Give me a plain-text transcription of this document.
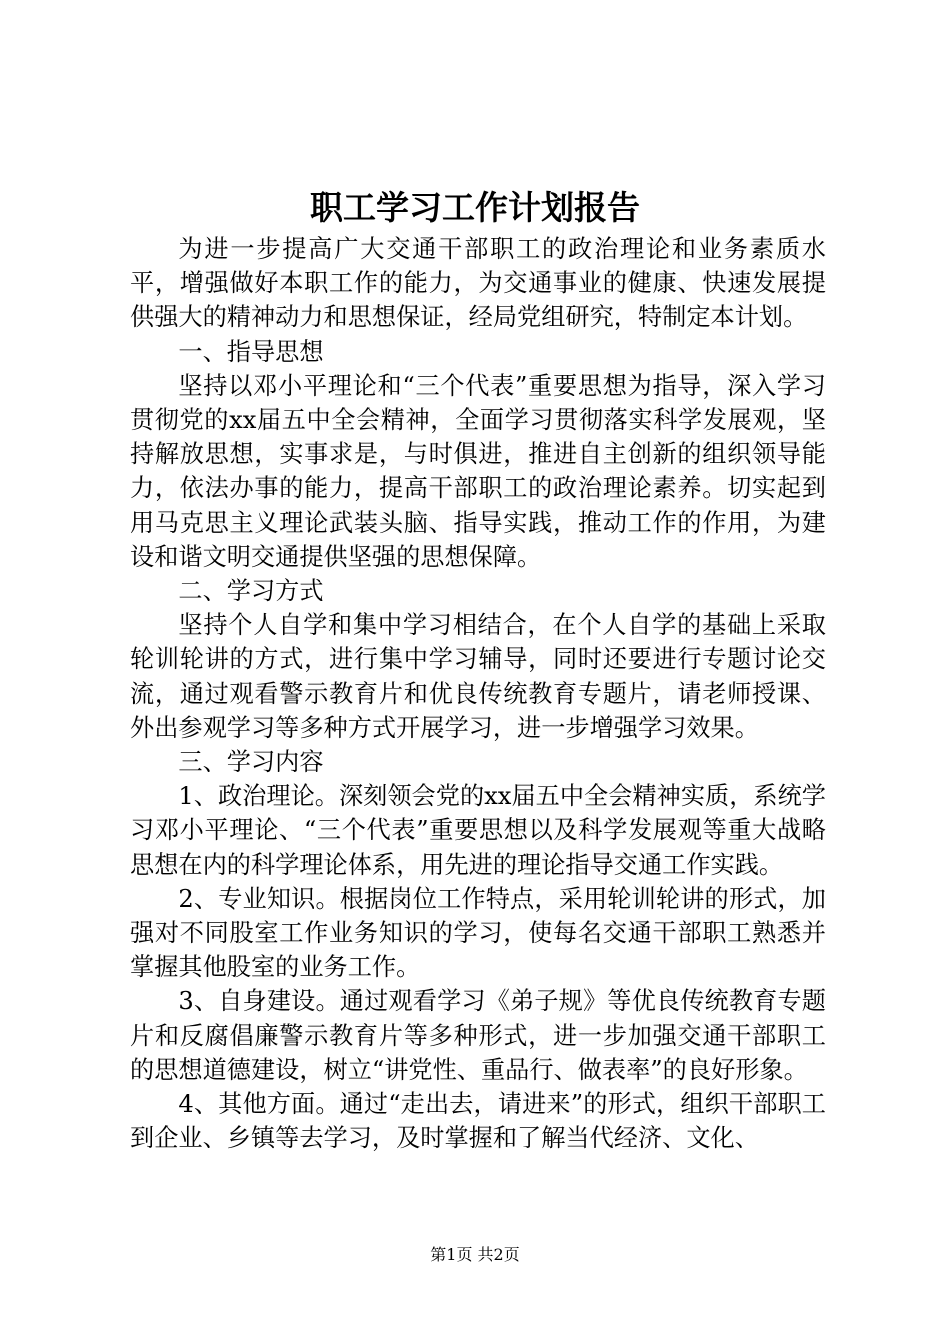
职工学习工作计划报告

为进一步提高广大交通干部职工的政治理论和业务素质水平，增强做好本职工作的能力，为交通事业的健康、快速发展提供强大的精神动力和思想保证，经局党组研究，特制定本计划。

一、指导思想

坚持以邓小平理论和“三个代表”重要思想为指导，深入学习贯彻党的xx届五中全会精神，全面学习贯彻落实科学发展观，坚持解放思想，实事求是，与时俱进，推进自主创新的组织领导能力，依法办事的能力，提高干部职工的政治理论素养。切实起到用马克思主义理论武装头脑、指导实践，推动工作的作用，为建设和谐文明交通提供坚强的思想保障。

二、学习方式

坚持个人自学和集中学习相结合，在个人自学的基础上采取轮训轮讲的方式，进行集中学习辅导，同时还要进行专题讨论交流，通过观看警示教育片和优良传统教育专题片，请老师授课、外出参观学习等多种方式开展学习，进一步增强学习效果。

三、学习内容

1、政治理论。深刻领会党的xx届五中全会精神实质，系统学习邓小平理论、“三个代表”重要思想以及科学发展观等重大战略思想在内的科学理论体系，用先进的理论指导交通工作实践。

2、专业知识。根据岗位工作特点，采用轮训轮讲的形式，加强对不同股室工作业务知识的学习，使每名交通干部职工熟悉并掌握其他股室的业务工作。

3、自身建设。通过观看学习《弟子规》等优良传统教育专题片和反腐倡廉警示教育片等多种形式，进一步加强交通干部职工的思想道德建设，树立“讲党性、重品行、做表率”的良好形象。

4、其他方面。通过“走出去，请进来”的形式，组织干部职工到企业、乡镇等去学习，及时掌握和了解当代经济、文化、

第1页 共2页
